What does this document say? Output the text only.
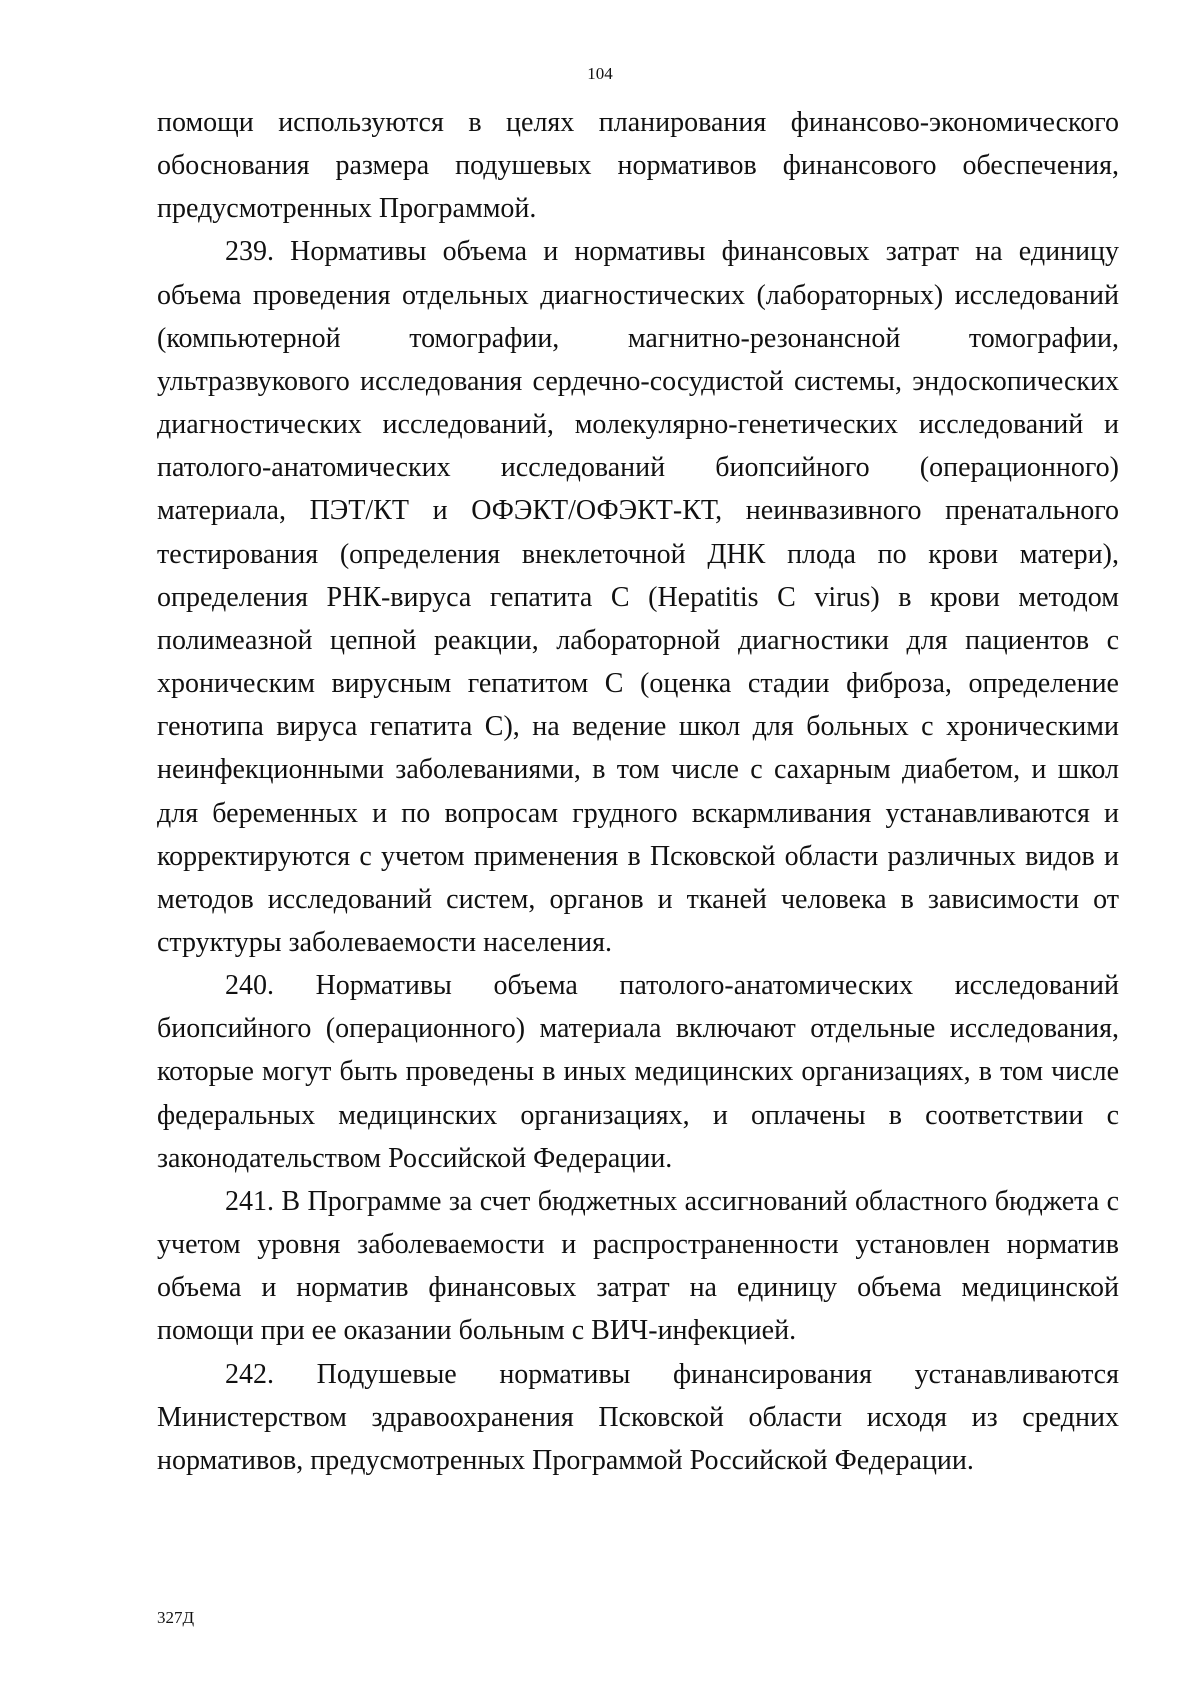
104

помощи используются в целях планирования финансово-экономического обоснования размера подушевых нормативов финансового обеспечения, предусмотренных Программой.

239. Нормативы объема и нормативы финансовых затрат на единицу объема проведения отдельных диагностических (лабораторных) исследований (компьютерной томографии, магнитно-резонансной томографии, ультразвукового исследования сердечно-сосудистой системы, эндоскопических диагностических исследований, молекулярно-генетических исследований и патолого-анатомических исследований биопсийного (операционного) материала, ПЭТ/КТ и ОФЭКТ/ОФЭКТ-КТ, неинвазивного пренатального тестирования (определения внеклеточной ДНК плода по крови матери), определения РНК-вируса гепатита С (Hepatitis C virus) в крови методом полимеазной цепной реакции, лабораторной диагностики для пациентов с хроническим вирусным гепатитом С (оценка стадии фиброза, определение генотипа вируса гепатита С), на ведение школ для больных с хроническими неинфекционными заболеваниями, в том числе с сахарным диабетом, и школ для беременных и по вопросам грудного вскармливания устанавливаются и корректируются с учетом применения в Псковской области различных видов и методов исследований систем, органов и тканей человека в зависимости от структуры заболеваемости населения.

240. Нормативы объема патолого-анатомических исследований биопсийного (операционного) материала включают отдельные исследования, которые могут быть проведены в иных медицинских организациях, в том числе федеральных медицинских организациях, и оплачены в соответствии с законодательством Российской Федерации.

241. В Программе за счет бюджетных ассигнований областного бюджета с учетом уровня заболеваемости и распространенности установлен норматив объема и норматив финансовых затрат на единицу объема медицинской помощи при ее оказании больным с ВИЧ-инфекцией.

242. Подушевые нормативы финансирования устанавливаются Министерством здравоохранения Псковской области исходя из средних нормативов, предусмотренных Программой Российской Федерации.

327Д
